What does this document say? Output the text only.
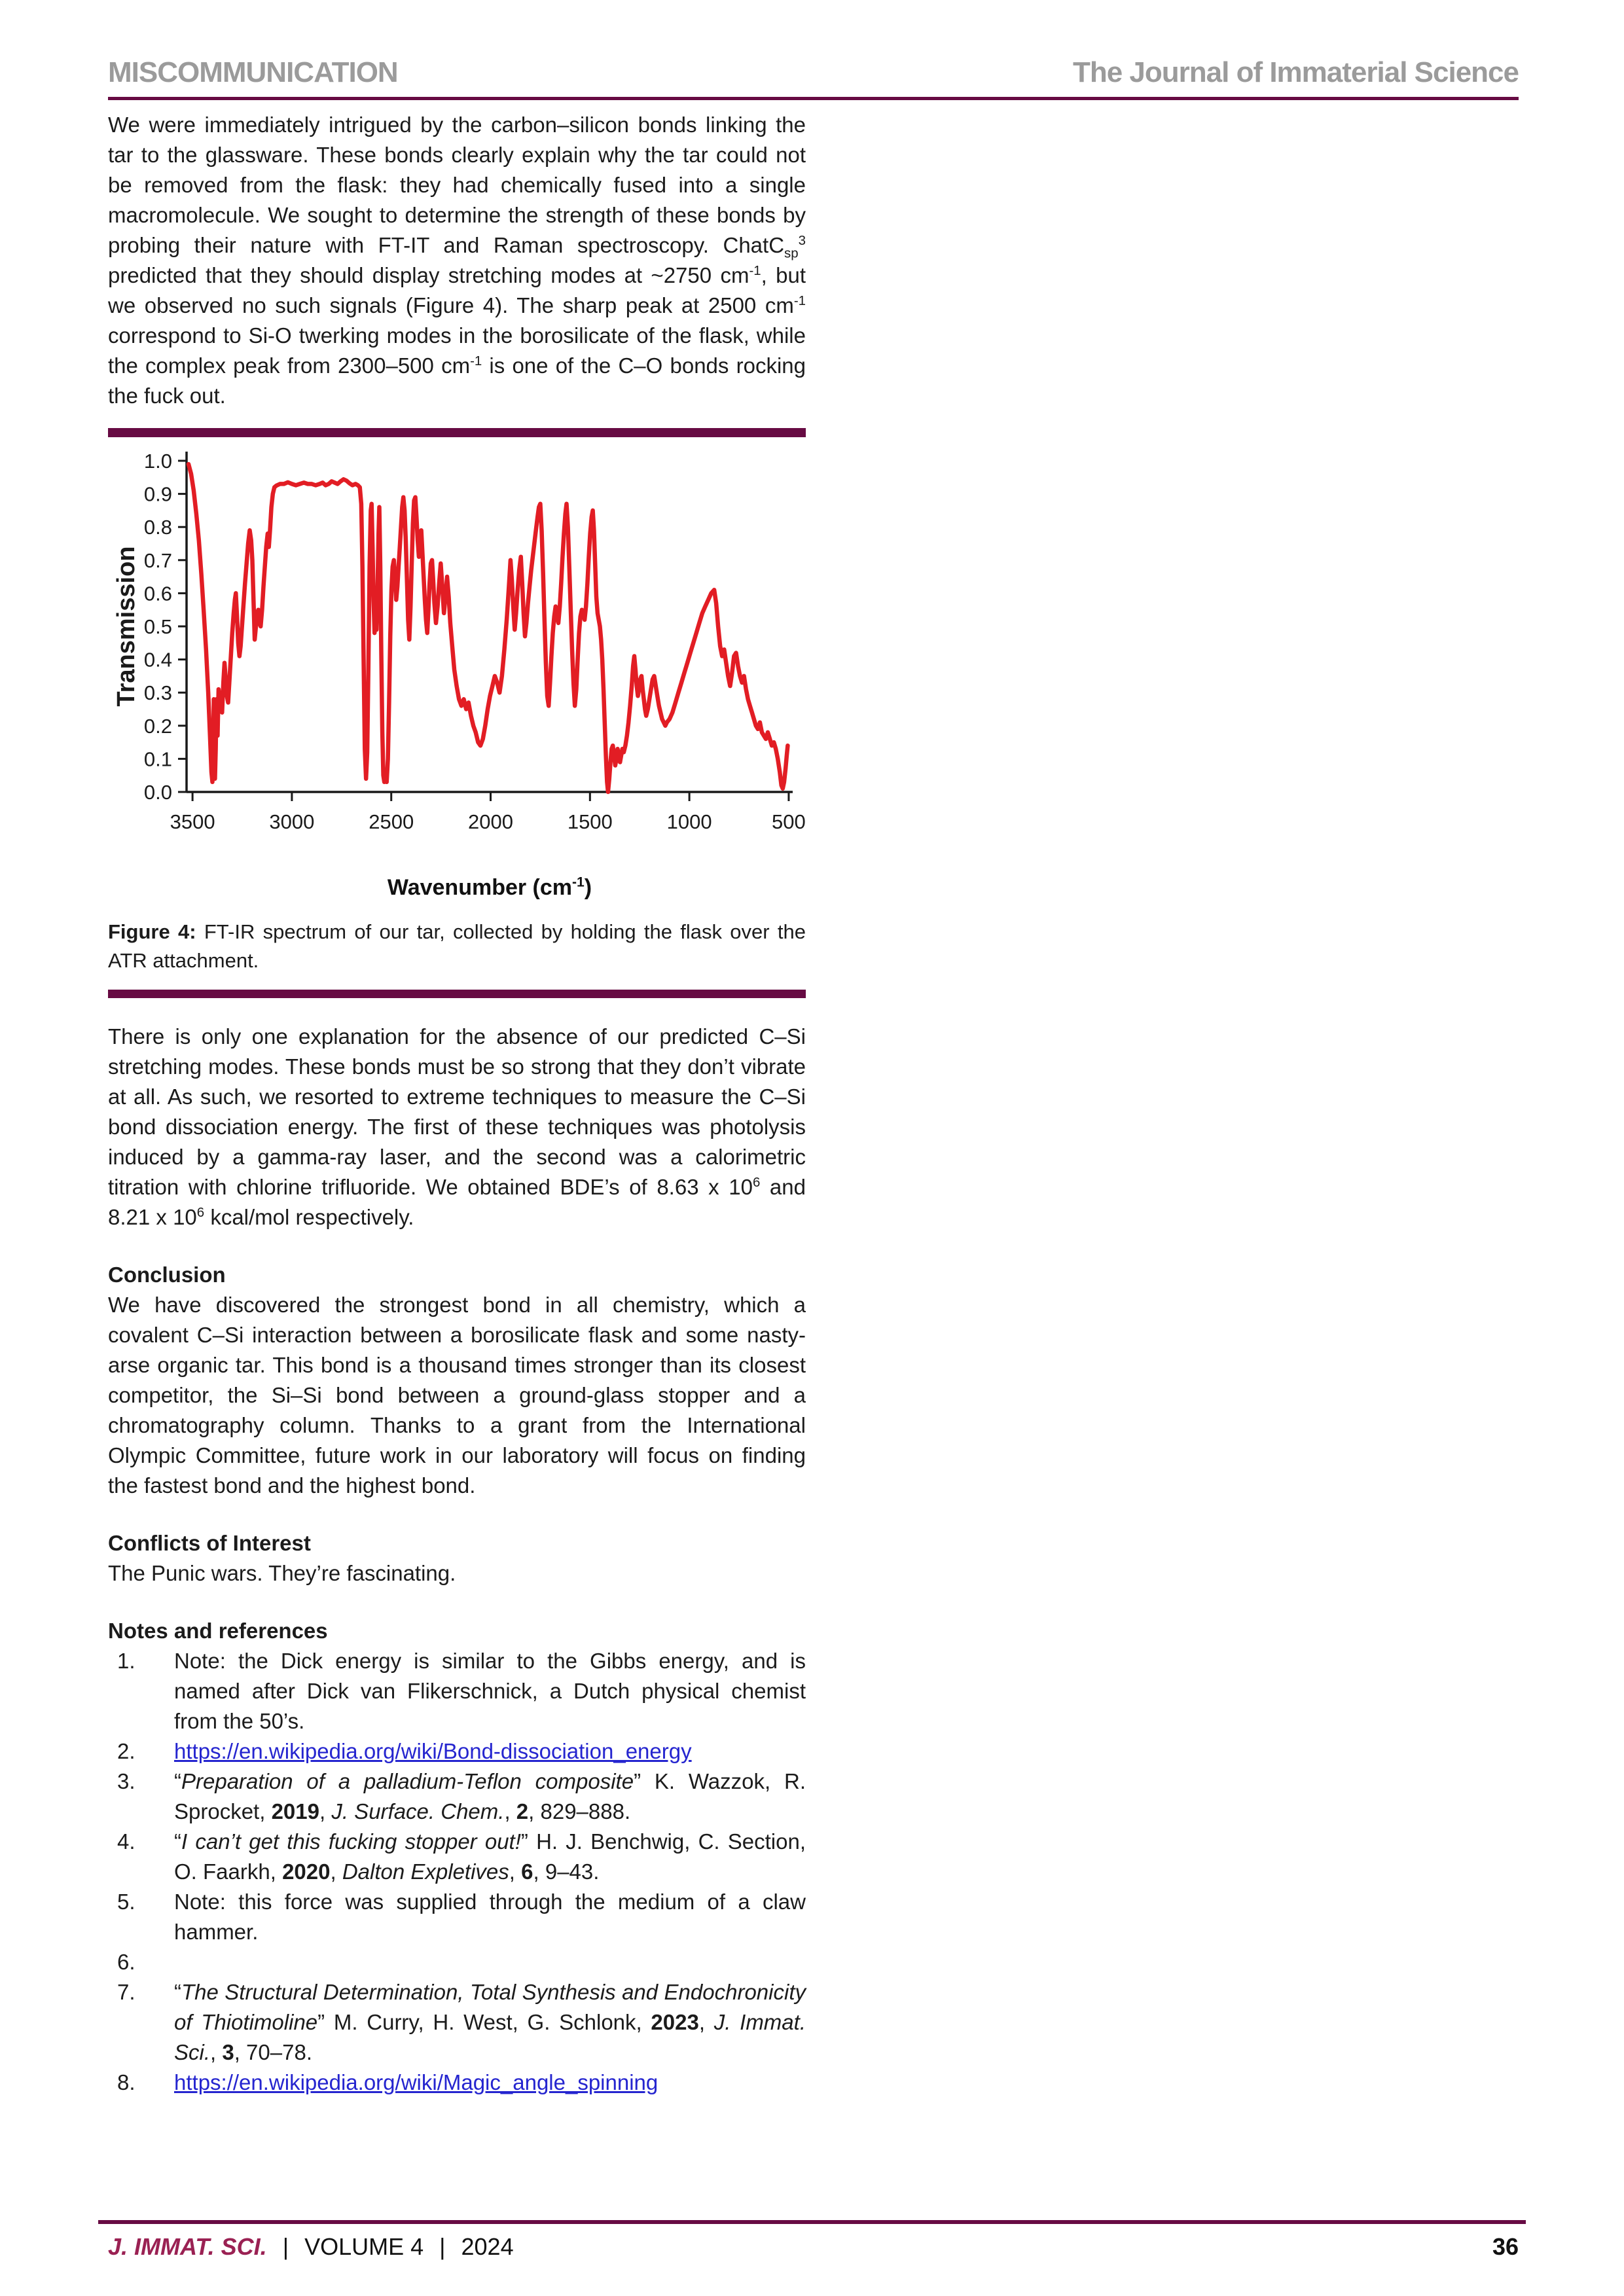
MISCOMMUNICATION	The Journal of Immaterial Science

We were immediately intrigued by the carbon–silicon bonds linking the tar to the glassware. These bonds clearly explain why the tar could not be removed from the flask: they had chemically fused into a single macromolecule. We sought to determine the strength of these bonds by probing their nature with FT-IT and Raman spectroscopy. ChatC$_{sp}^3$ predicted that they should display stretching modes at ~2750 $cm^{-1}$, but we observed no such signals (Figure 4). The sharp peak at 2500 $cm^{-1}$ correspond to Si-O twerking modes in the borosilicate of the flask, while the complex peak from 2300–500 $cm^{-1}$ is one of the C–O bonds rocking the fuck out.

0.0
0.1
0.2
0.3
0.4
0.5
0.6
0.7
0.8
0.9
1.0
3500	3000	2500	2000	1500	1000	500
Transmission
Wavenumber $(cm^{-1})$

Figure 4: FT-IR spectrum of our tar, collected by holding the flask over the ATR attachment.

There is only one explanation for the absence of our predicted C–Si stretching modes. These bonds must be so strong that they don’t vibrate at all. As such, we resorted to extreme techniques to measure the C–Si bond dissociation energy. The first of these techniques was photolysis induced by a gamma-ray laser, and the second was a calorimetric titration with chlorine trifluoride. We obtained BDE’s of 8.63 x $10^6$ and 8.21 x $10^6$ kcal/mol respectively.

Conclusion

We have discovered the strongest bond in all chemistry, which a covalent C–Si interaction between a borosilicate flask and some nasty-arse organic tar. This bond is a thousand times stronger than its closest competitor, the Si–Si bond between a ground-glass stopper and a chromatography column. Thanks to a grant from the International Olympic Committee, future work in our laboratory will focus on finding the fastest bond and the highest bond.

Conflicts of Interest

The Punic wars. They’re fascinating.

Notes and references
1. Note: the Dick energy is similar to the Gibbs energy, and is named after Dick van Flikerschnick, a Dutch physical chemist from the 50’s.
2. https://en.wikipedia.org/wiki/Bond-dissociation_energy
3. “Preparation of a palladium-Teflon composite” K. Wazzok, R. Sprocket, 2019, J. Surface. Chem., 2, 829–888.
4. “I can’t get this fucking stopper out!” H. J. Benchwig, C. Section, O. Faarkh, 2020, Dalton Expletives, 6, 9–43.
5. Note: this force was supplied through the medium of a claw hammer.
6.
7. “The Structural Determination, Total Synthesis and Endochronicity of Thiotimoline” M. Curry, H. West, G. Schlonk, 2023, J. Immat. Sci., 3, 70–78.
8. https://en.wikipedia.org/wiki/Magic_angle_spinning
J. IMMAT. SCI. | VOLUME 4 | 2024	36
